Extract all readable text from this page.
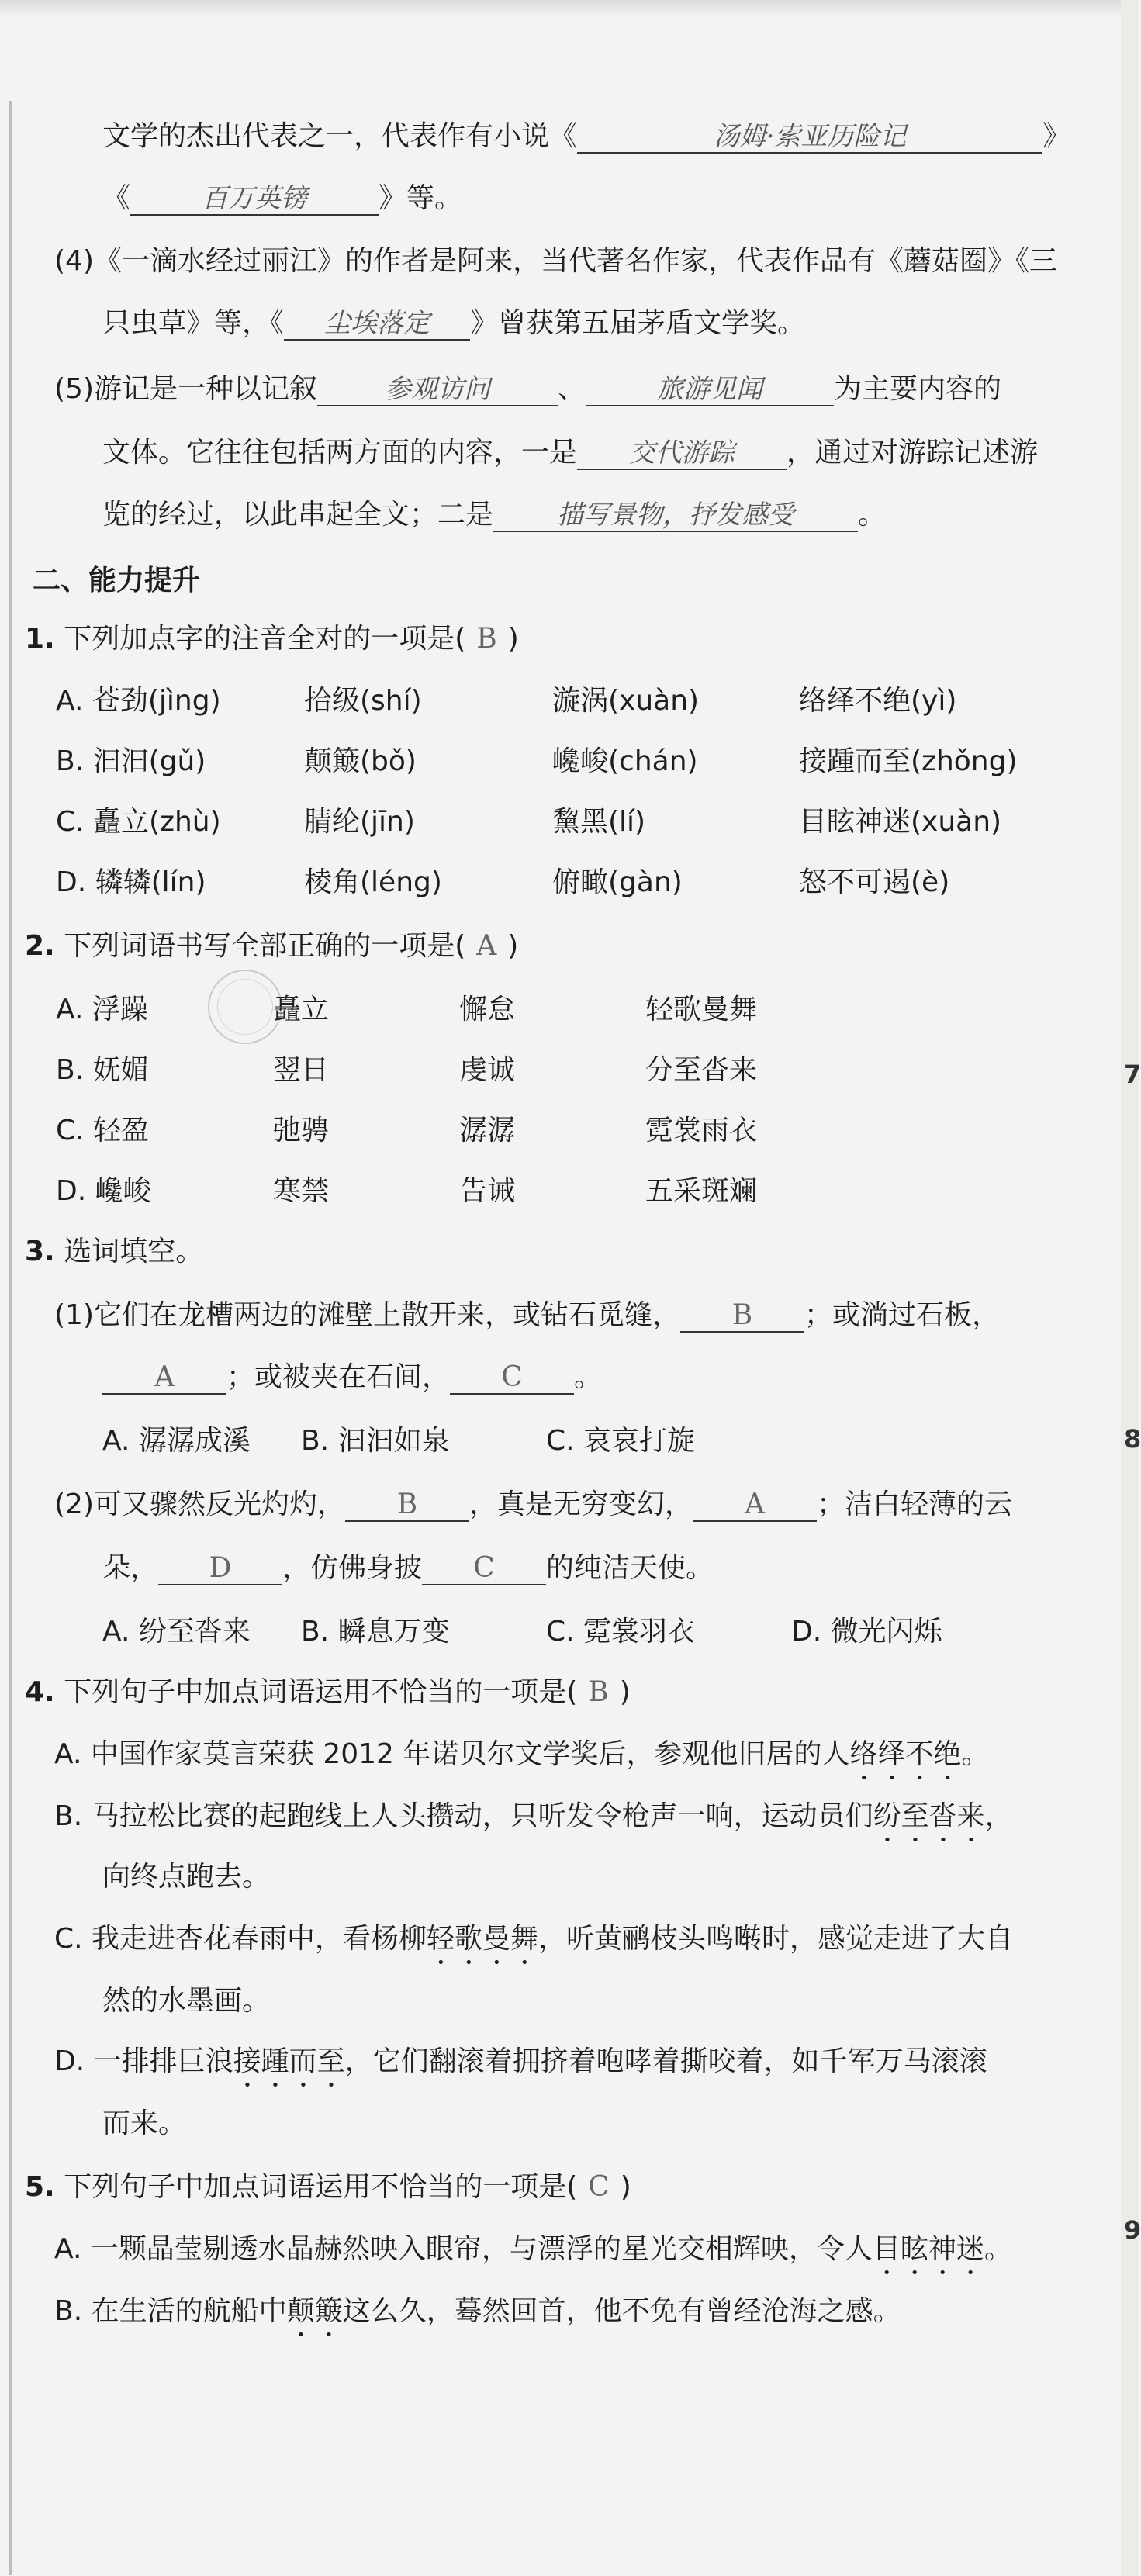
7
8
9
文学的杰出代表之一，代表作有小说《	汤姆·索亚历险记	》
《	百万英镑	》等。
(4)《一滴水经过丽江》的作者是阿来，当代著名作家，代表作品有《蘑菇圈》《三
只虫草》等，《 尘埃落定 》曾获第五届茅盾文学奖。
(5)游记是一种以记叙	参观访问 、	旅游见闻	为主要内容的
文体。它往往包括两方面的内容，一是 交代游踪 ，通过对游踪记述游
览的经过，以此串起全文；二是 描写景物，抒发感受 。
二、能力提升
1. 下列加点字的注音全对的一项是( B )
A. 苍劲(jìng)	拾级(shí)	漩涡(xuàn)	络绎不绝(yì)
B. 汩汩(gǔ)	颠簸(bǒ)	巉峻(chán)	接踵而至(zhǒng)
C. 矗立(zhù)	腈纶(jīn)	黧黑(lí)	目眩神迷(xuàn)
D. 辚辚(lín)	棱角(léng)	俯瞰(gàn)	怒不可遏(è)
2. 下列词语书写全部正确的一项是( A )
A. 浮躁	矗立	懈怠	轻歌曼舞
B. 妩媚	翌日	虔诚	分至沓来
C. 轻盈	弛骋	潺潺	霓裳雨衣
D. 巉峻	寒禁	告诫	五采斑斓
3. 选词填空。
(1)它们在龙槽两边的滩壁上散开来，或钻石觅缝， B ；或淌过石板，
A ；或被夹在石间， C 。
A. 潺潺成溪 B. 汩汩如泉	C. 哀哀打旋
(2)可又骤然反光灼灼， B ，真是无穷变幻， A ；洁白轻薄的云
朵， D ，仿佛身披 C 的纯洁天使。
A. 纷至沓来 B. 瞬息万变	C. 霓裳羽衣	D. 微光闪烁
4. 下列句子中加点词语运用不恰当的一项是( B )
A. 中国作家莫言荣获 2012 年诺贝尔文学奖后，参观他旧居的人络绎不绝。
B. 马拉松比赛的起跑线上人头攒动，只听发令枪声一响，运动员们纷至沓来，
向终点跑去。
C. 我走进杏花春雨中，看杨柳轻歌曼舞，听黄鹂枝头鸣啭时，感觉走进了大自
然的水墨画。
D. 一排排巨浪接踵而至，它们翻滚着拥挤着咆哮着撕咬着，如千军万马滚滚
而来。
5. 下列句子中加点词语运用不恰当的一项是( C )
A. 一颗晶莹剔透水晶赫然映入眼帘，与漂浮的星光交相辉映，令人目眩神迷。
B. 在生活的航船中颠簸这么久，蓦然回首，他不免有曾经沧海之感。
